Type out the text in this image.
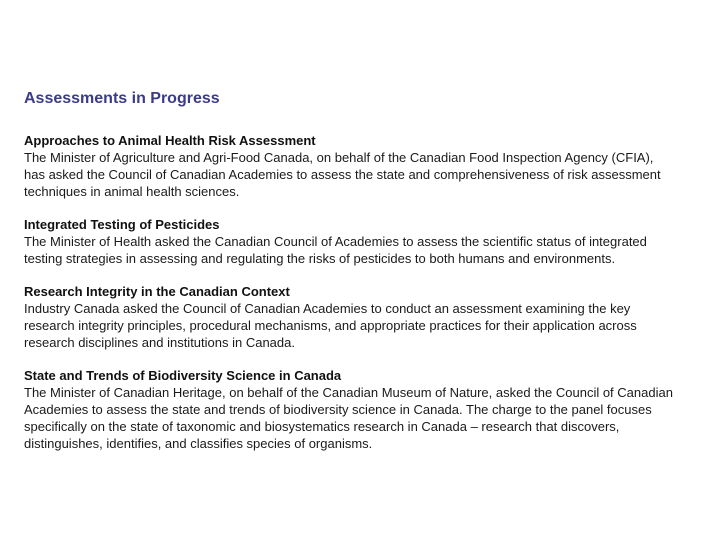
Assessments in Progress
Approaches to Animal Health Risk Assessment
The Minister of Agriculture and Agri-Food Canada, on behalf of the Canadian Food Inspection Agency (CFIA), has asked the Council of Canadian Academies to assess the state and comprehensiveness of risk assessment techniques in animal health sciences.
Integrated Testing of Pesticides
The Minister of Health asked the Canadian Council of Academies to assess the scientific status of integrated testing strategies in assessing and regulating the risks of pesticides to both humans and environments.
Research Integrity in the Canadian Context
Industry Canada asked the Council of Canadian Academies to conduct an assessment examining the key research integrity principles, procedural mechanisms, and appropriate practices for their application across research disciplines and institutions in Canada.
State and Trends of Biodiversity Science in Canada
The Minister of Canadian Heritage, on behalf of the Canadian Museum of Nature, asked the Council of Canadian Academies to assess the state and trends of biodiversity science in Canada. The charge to the panel focuses specifically on the state of taxonomic and biosystematics research in Canada – research that discovers, distinguishes, identifies, and classifies species of organisms.
